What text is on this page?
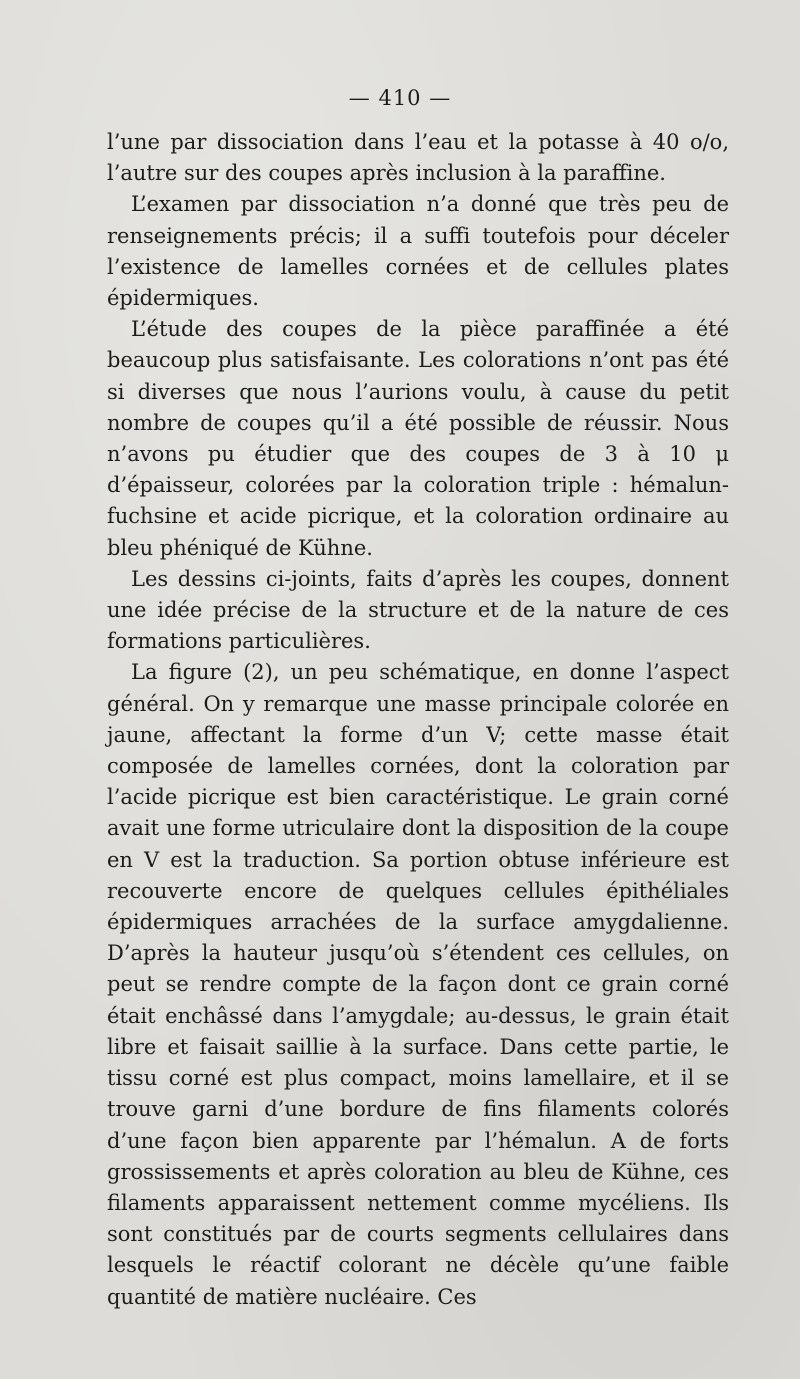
— 410 —

l’une par dissociation dans l’eau et la potasse à 40 o/o, l’autre sur des coupes après inclusion à la paraffine.

L’examen par dissociation n’a donné que très peu de renseignements précis; il a suffi toutefois pour déceler l’existence de lamelles cornées et de cellules plates épidermiques.

L’étude des coupes de la pièce paraffinée a été beaucoup plus satisfaisante. Les colorations n’ont pas été si diverses que nous l’aurions voulu, à cause du petit nombre de coupes qu’il a été possible de réussir. Nous n’avons pu étudier que des coupes de 3 à 10 μ d’épaisseur, colorées par la coloration triple : hémalun-fuchsine et acide picrique, et la coloration ordinaire au bleu phéniqué de Kühne.

Les dessins ci-joints, faits d’après les coupes, donnent une idée précise de la structure et de la nature de ces formations particulières.

La figure (2), un peu schématique, en donne l’aspect général. On y remarque une masse principale colorée en jaune, affectant la forme d’un V; cette masse était composée de lamelles cornées, dont la coloration par l’acide picrique est bien caractéristique. Le grain corné avait une forme utriculaire dont la disposition de la coupe en V est la traduction. Sa portion obtuse inférieure est recouverte encore de quelques cellules épithéliales épidermiques arrachées de la surface amygdalienne. D’après la hauteur jusqu’où s’étendent ces cellules, on peut se rendre compte de la façon dont ce grain corné était enchâssé dans l’amygdale; au-dessus, le grain était libre et faisait saillie à la surface. Dans cette partie, le tissu corné est plus compact, moins lamellaire, et il se trouve garni d’une bordure de fins filaments colorés d’une façon bien apparente par l’hémalun. A de forts grossissements et après coloration au bleu de Kühne, ces filaments apparaissent nettement comme mycéliens. Ils sont constitués par de courts segments cellulaires dans lesquels le réactif colorant ne décèle qu’une faible quantité de matière nucléaire. Ces
